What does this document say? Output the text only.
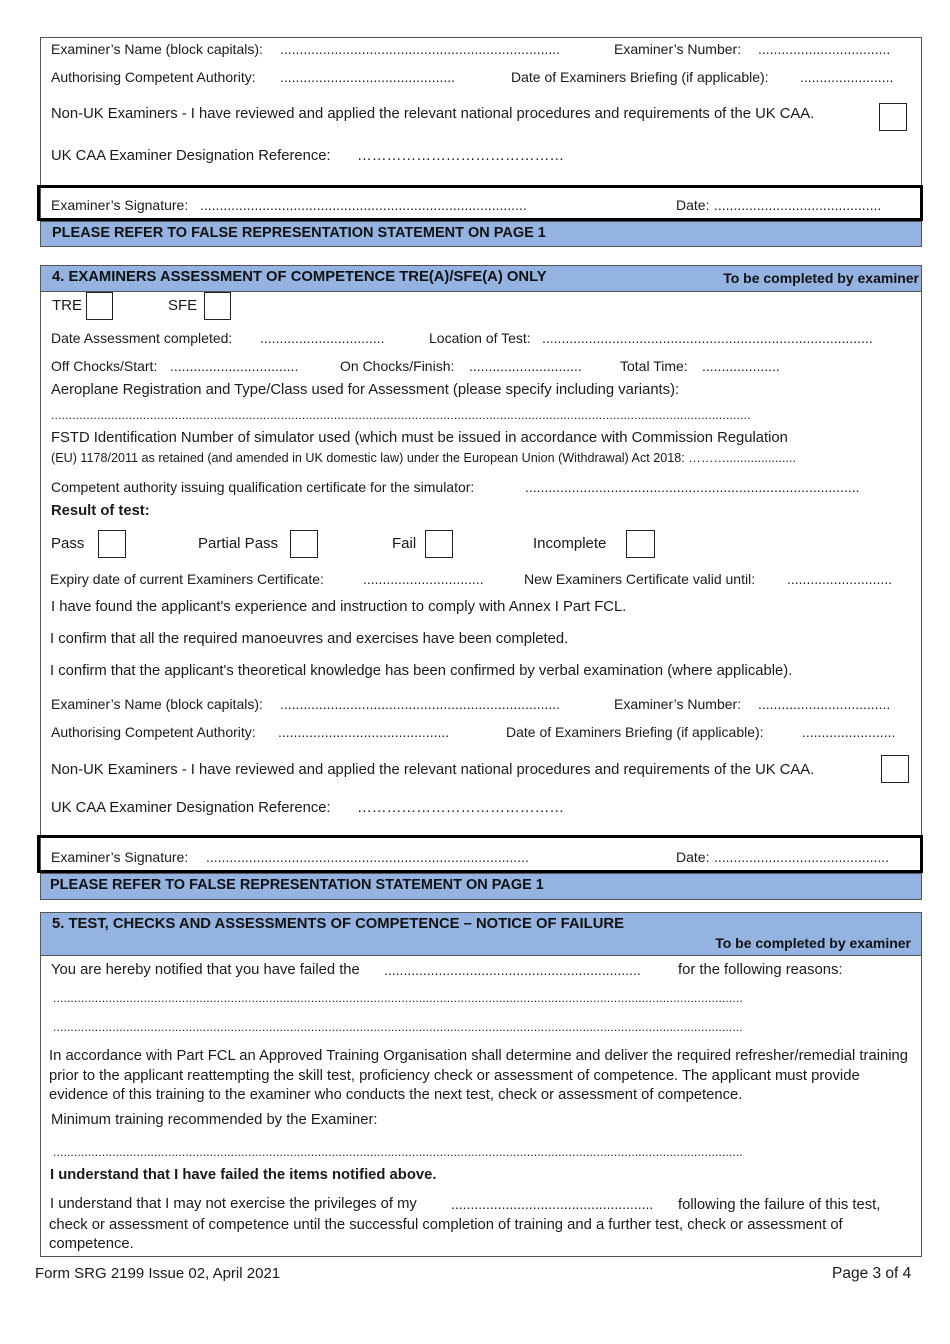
Examiner’s Name (block capitals): ........................................................................	Examiner’s Number: ..................................
Authorising Competent Authority: .............................................	Date of Examiners Briefing (if applicable): ........................
Non-UK Examiners - I have reviewed and applied the relevant national procedures and requirements of the UK CAA.
UK CAA Examiner Designation Reference: ……………………………………
Examiner’s Signature: ....................................................................................	Date: ...........................................
PLEASE REFER TO FALSE REPRESENTATION STATEMENT ON PAGE 1
4. EXAMINERS ASSESSMENT OF COMPETENCE TRE(A)/SFE(A) ONLY	To be completed by examiner
TRE	SFE
Date Assessment completed: ................................	Location of Test: .....................................................................................
Off Chocks/Start: .................................	On Chocks/Finish: .............................	Total Time: ....................
Aeroplane Registration and Type/Class used for Assessment (please specify including variants):
......................................................................................................................................................................................................
FSTD Identification Number of simulator used (which must be issued in accordance with Commission Regulation
(EU) 1178/2011 as retained (and amended in UK domestic law) under the European Union (Withdrawal) Act 2018: ………....................
Competent authority issuing qualification certificate for the simulator:	......................................................................................
Result of test:
Pass	Partial Pass	Fail	Incomplete
Expiry date of current Examiners Certificate:	...............................	New Examiners Certificate valid until: ...........................
I have found the applicant's experience and instruction to comply with Annex I Part FCL.
I confirm that all the required manoeuvres and exercises have been completed.
I confirm that the applicant's theoretical knowledge has been confirmed by verbal examination (where applicable).
Examiner’s Name (block capitals): ........................................................................	Examiner’s Number: ..................................
Authorising Competent Authority: ............................................	Date of Examiners Briefing (if applicable):	........................
Non-UK Examiners - I have reviewed and applied the relevant national procedures and requirements of the UK CAA.
UK CAA Examiner Designation Reference: ……………………………………
Examiner’s Signature: ...................................................................................	Date: .............................................
PLEASE REFER TO FALSE REPRESENTATION STATEMENT ON PAGE 1
5. TEST, CHECKS AND ASSESSMENTS OF COMPETENCE – NOTICE OF FAILURE
To be completed by examiner
You are hereby notified that you have failed the ..................................................................	for the following reasons:
......................................................................................................................................................................................................
......................................................................................................................................................................................................
In accordance with Part FCL an Approved Training Organisation shall determine and deliver the required refresher/remedial training prior to the applicant reattempting the skill test, proficiency check or assessment of competence. The applicant must provide evidence of this training to the examiner who conducts the next test, check or assessment of competence.
Minimum training recommended by the Examiner:
......................................................................................................................................................................................................
I understand that I have failed the items notified above.
I understand that I may not exercise the privileges of my ....................................................	following the failure of this test, check or assessment of competence until the successful completion of training and a further test, check or assessment of competence.
Form SRG 2199 Issue 02, April 2021	Page 3 of 4
